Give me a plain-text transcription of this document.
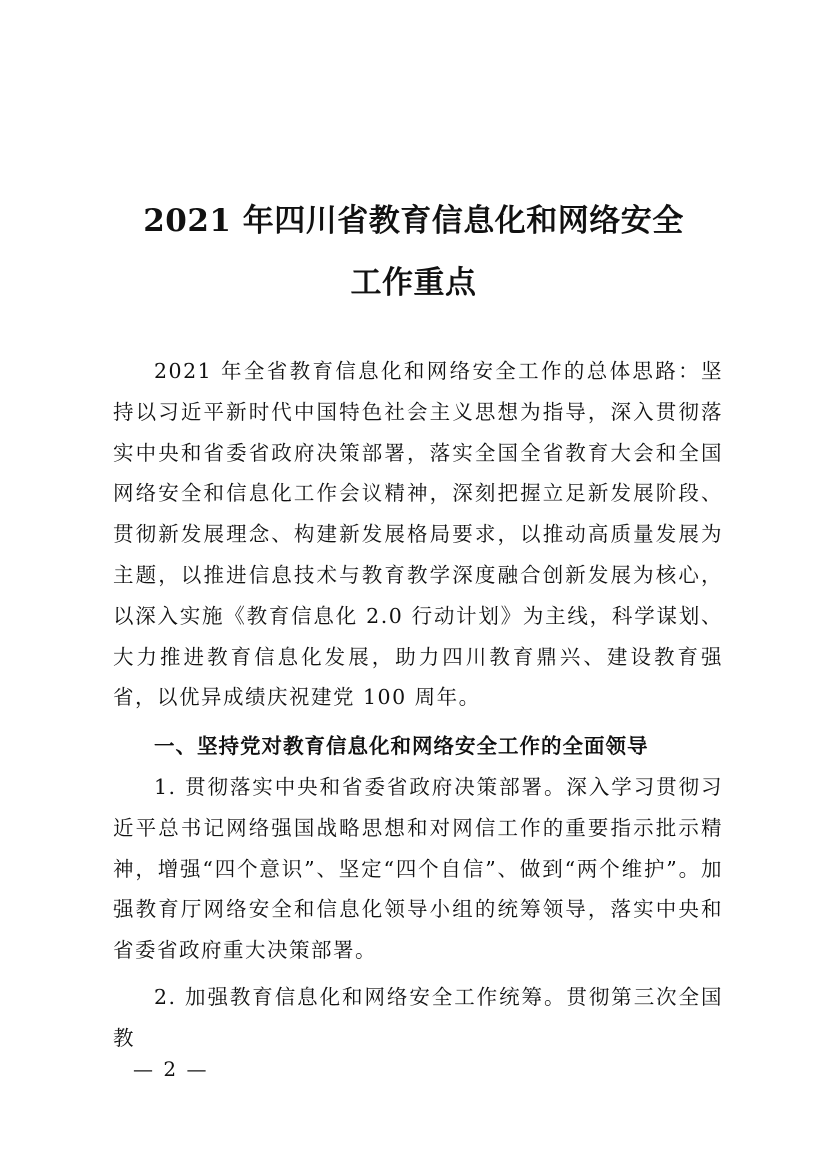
2021 年四川省教育信息化和网络安全
工作重点

2021 年全省教育信息化和网络安全工作的总体思路：坚持以习近平新时代中国特色社会主义思想为指导，深入贯彻落实中央和省委省政府决策部署，落实全国全省教育大会和全国网络安全和信息化工作会议精神，深刻把握立足新发展阶段、贯彻新发展理念、构建新发展格局要求，以推动高质量发展为主题，以推进信息技术与教育教学深度融合创新发展为核心，以深入实施《教育信息化 2.0 行动计划》为主线，科学谋划、大力推进教育信息化发展，助力四川教育鼎兴、建设教育强省，以优异成绩庆祝建党 100 周年。

一、坚持党对教育信息化和网络安全工作的全面领导

1. 贯彻落实中央和省委省政府决策部署。深入学习贯彻习近平总书记网络强国战略思想和对网信工作的重要指示批示精神，增强“四个意识”、坚定“四个自信”、做到“两个维护”。加强教育厅网络安全和信息化领导小组的统筹领导，落实中央和省委省政府重大决策部署。

2. 加强教育信息化和网络安全工作统筹。贯彻第三次全国教

— 2 —
